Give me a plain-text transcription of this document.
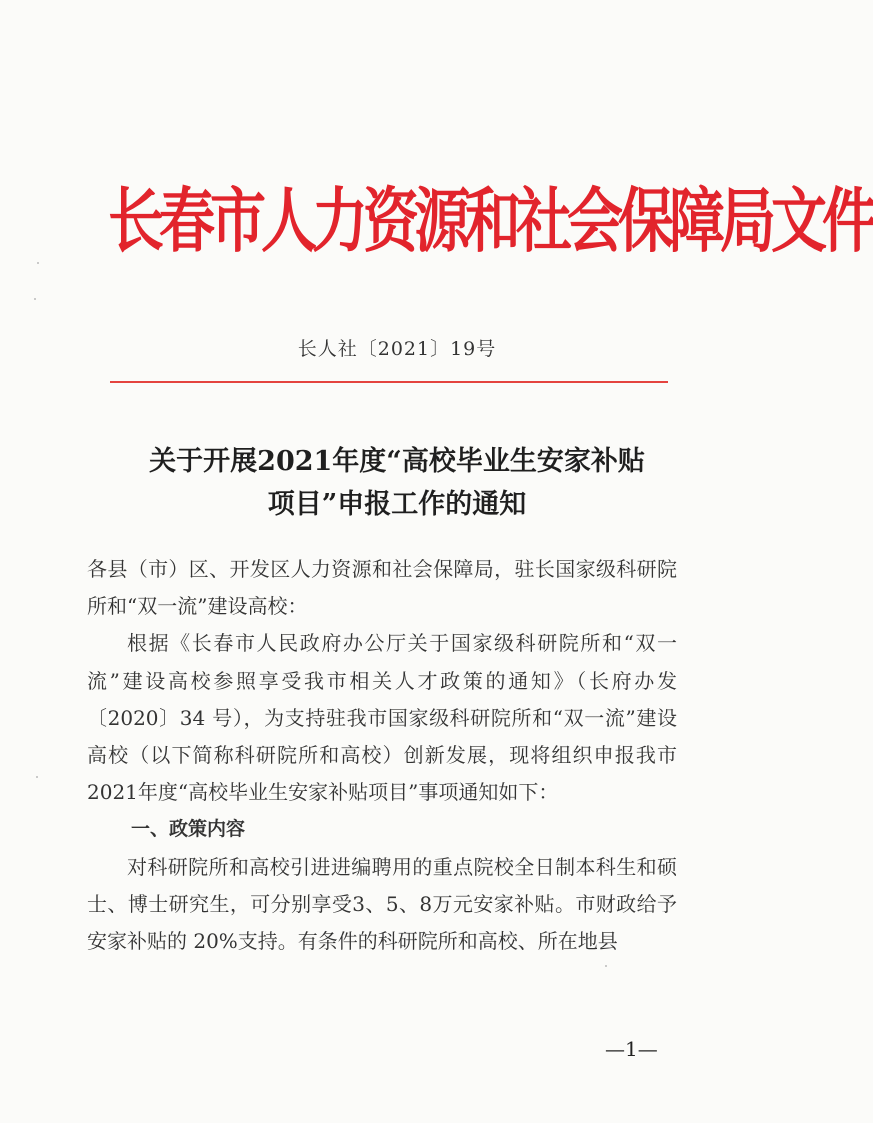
长春市人力资源和社会保障局文件
长人社〔2021〕19号
关于开展2021年度“高校毕业生安家补贴
项目”申报工作的通知

各县（市）区、开发区人力资源和社会保障局，驻长国家级科研院所和“双一流”建设高校：

根据《长春市人民政府办公厅关于国家级科研院所和“双一流”建设高校参照享受我市相关人才政策的通知》（长府办发〔2020〕34 号），为支持驻我市国家级科研院所和“双一流”建设高校（以下简称科研院所和高校）创新发展，现将组织申报我市2021年度“高校毕业生安家补贴项目”事项通知如下：

一、政策内容

对科研院所和高校引进进编聘用的重点院校全日制本科生和硕士、博士研究生，可分别享受3、5、8万元安家补贴。市财政给予安家补贴的 20%支持。有条件的科研院所和高校、所在地县

—1—
